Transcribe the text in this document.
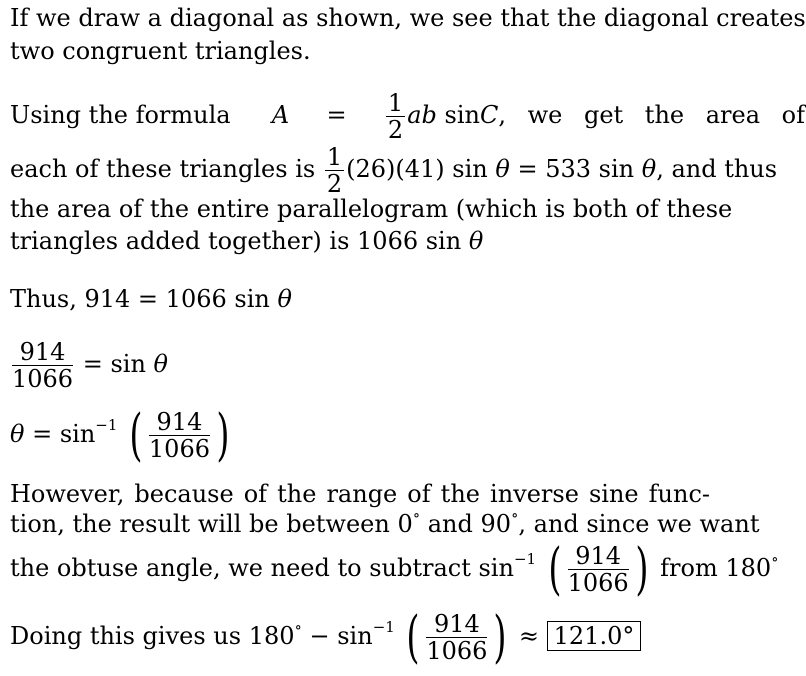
If we draw a diagonal as shown, we see that the diagonal creates
two congruent triangles.
Using the formula $A = \frac{1}{2}$ ab sinC, we get the area of
each of these triangles is $\frac{1}{2} (26)(41)$ sin θ = 533 sin θ, and thus
the area of the entire parallelogram (which is both of these
triangles added together) is 1066 sin θ
Thus, 914 = 1066 sin θ
$\frac{914}{1066} = \sin \theta$
$\theta = \sin^{-1}$ ( $\frac{914}{1066}$ )
However, because of the range of the inverse sine func-
tion, the result will be between 0∘ and 90∘, and since we want
the obtuse angle, we need to subtract $\sin^{-1}$ ( $\frac{914}{1066}$ ) from 180∘
Doing this gives us $180^\circ - \sin^{-1}$ ( $\frac{914}{1066}$ ) ≈ 121.0°
